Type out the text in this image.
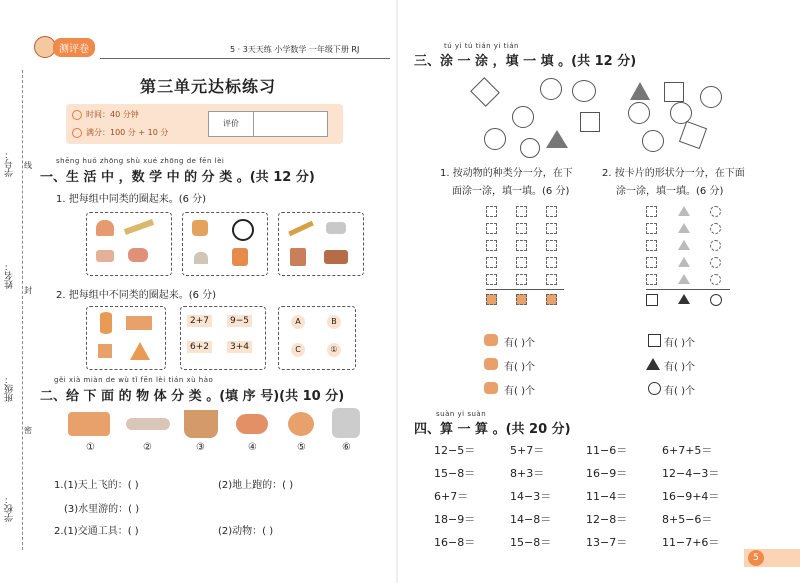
学号： 线
姓名：
封
班级：
密
学校：
测评卷	5 · 3天天练 小学数学 一年级下册 RJ
第三单元达标练习
时间：40 分钟
满分：100 分 + 10 分
评价
shēng huó zhōng shù xué zhōng de fēn lèi
一、生 活 中 ，数 学 中 的 分 类 。(共 12 分)
1. 把每组中同类的圈起来。(6 分)
2. 把每组中不同类的圈起来。(6 分)
2+7	9−5
6+2	3+4
A	B
C	①
gěi xià miàn de wù tǐ fēn lèi tián xù hào
二、给 下 面 的 物 体 分 类 。(填 序 号)(共 10 分)
①	②	③	④	⑤	⑥
1.(1)天上飞的：( )	(2)地上跑的：( )
(3)水里游的：( )
2.(1)交通工具：( )	(2)动物：( )
tú yi tú tián yi tián
三、涂 一 涂 ，填 一 填 。(共 12 分)
1. 按动物的种类分一分，在下
面涂一涂，填一填。(6 分)
2. 按卡片的形状分一分，在下面
涂一涂，填一填。(6 分)
有( )个
有( )个
有( )个
有( )个
有( )个
有( )个
suàn yi suàn
四、算 一 算 。(共 20 分)
12−5＝	5+7＝	11−6＝	6+7+5＝
15−8＝	8+3＝	16−9＝	12−4−3＝
6+7＝	14−3＝	11−4＝	16−9+4＝
18−9＝	14−8＝	12−8＝	8+5−6＝
16−8＝	15−8＝	13−7＝	11−7+6＝
5
